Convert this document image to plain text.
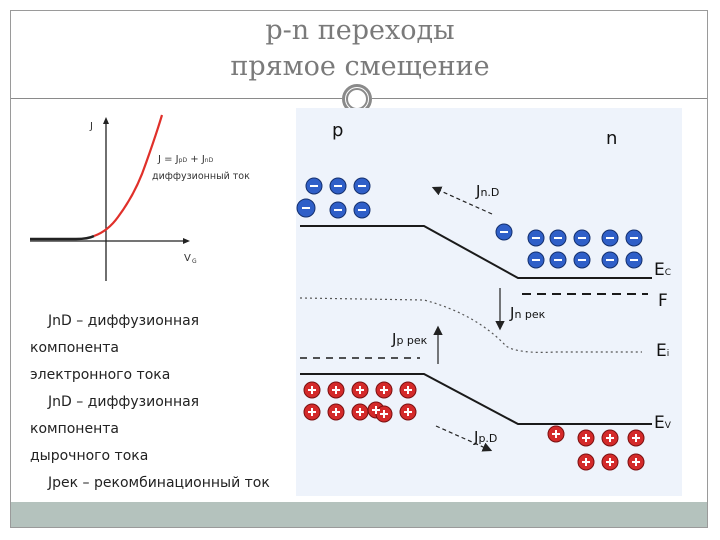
p-n переходы
прямое смещение
J
V G
J = JpD + JnD
диффузионный ток
JnD – диффузионная
компонента
электронного тока
JnD – диффузионная
компонента
дырочного тока
Jрек – рекомбинационный ток
p	n
EC
F
Ei
EV
Jn.D
Jn рек
Jp рек
Jp.D
